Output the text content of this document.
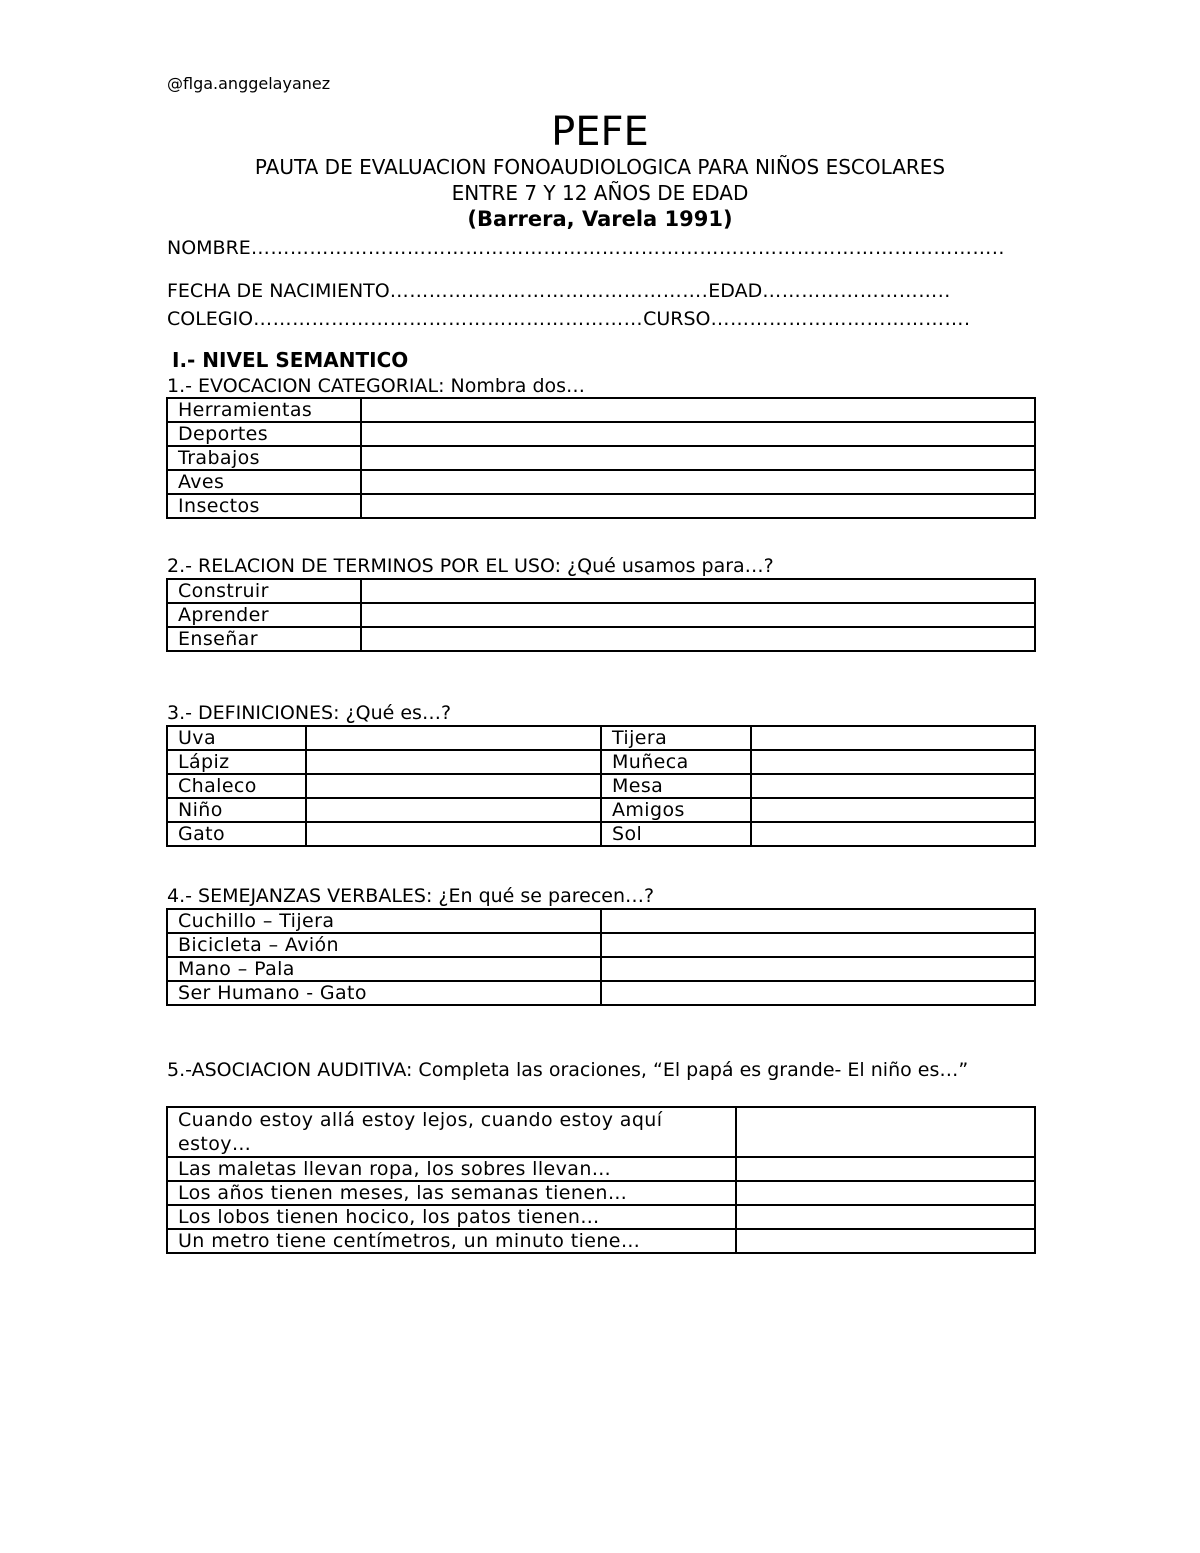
@flga.anggelayanez
PEFE
PAUTA DE EVALUACION FONOAUDIOLOGICA PARA NIÑOS ESCOLARES
ENTRE 7 Y 12 AÑOS DE EDAD
(Barrera, Varela 1991)
NOMBRE……………………………………………………………………………………………………..
FECHA DE NACIMIENTO………………………………………….EDAD………………………..
COLEGIO……………………………………………………CURSO………………………………….
I.- NIVEL SEMANTICO
1.- EVOCACION CATEGORIAL: Nombra dos…
Herramientas	
Deportes	
Trabajos	
Aves	
Insectos	
2.- RELACION DE TERMINOS POR EL USO: ¿Qué usamos para…?
Construir	
Aprender	
Enseñar	
3.- DEFINICIONES: ¿Qué es…?
Uva		Tijera	
Lápiz		Muñeca	
Chaleco		Mesa	
Niño		Amigos	
Gato		Sol	
4.- SEMEJANZAS VERBALES: ¿En qué se parecen…?
Cuchillo – Tijera	
Bicicleta – Avión	
Mano – Pala	
Ser Humano - Gato	
5.-ASOCIACION AUDITIVA: Completa las oraciones, “El papá es grande- El niño es…”
Cuando estoy allá estoy lejos, cuando estoy aquí estoy…	
Las maletas llevan ropa, los sobres llevan…	
Los años tienen meses, las semanas tienen…	
Los lobos tienen hocico, los patos tienen…	
Un metro tiene centímetros, un minuto tiene…	
